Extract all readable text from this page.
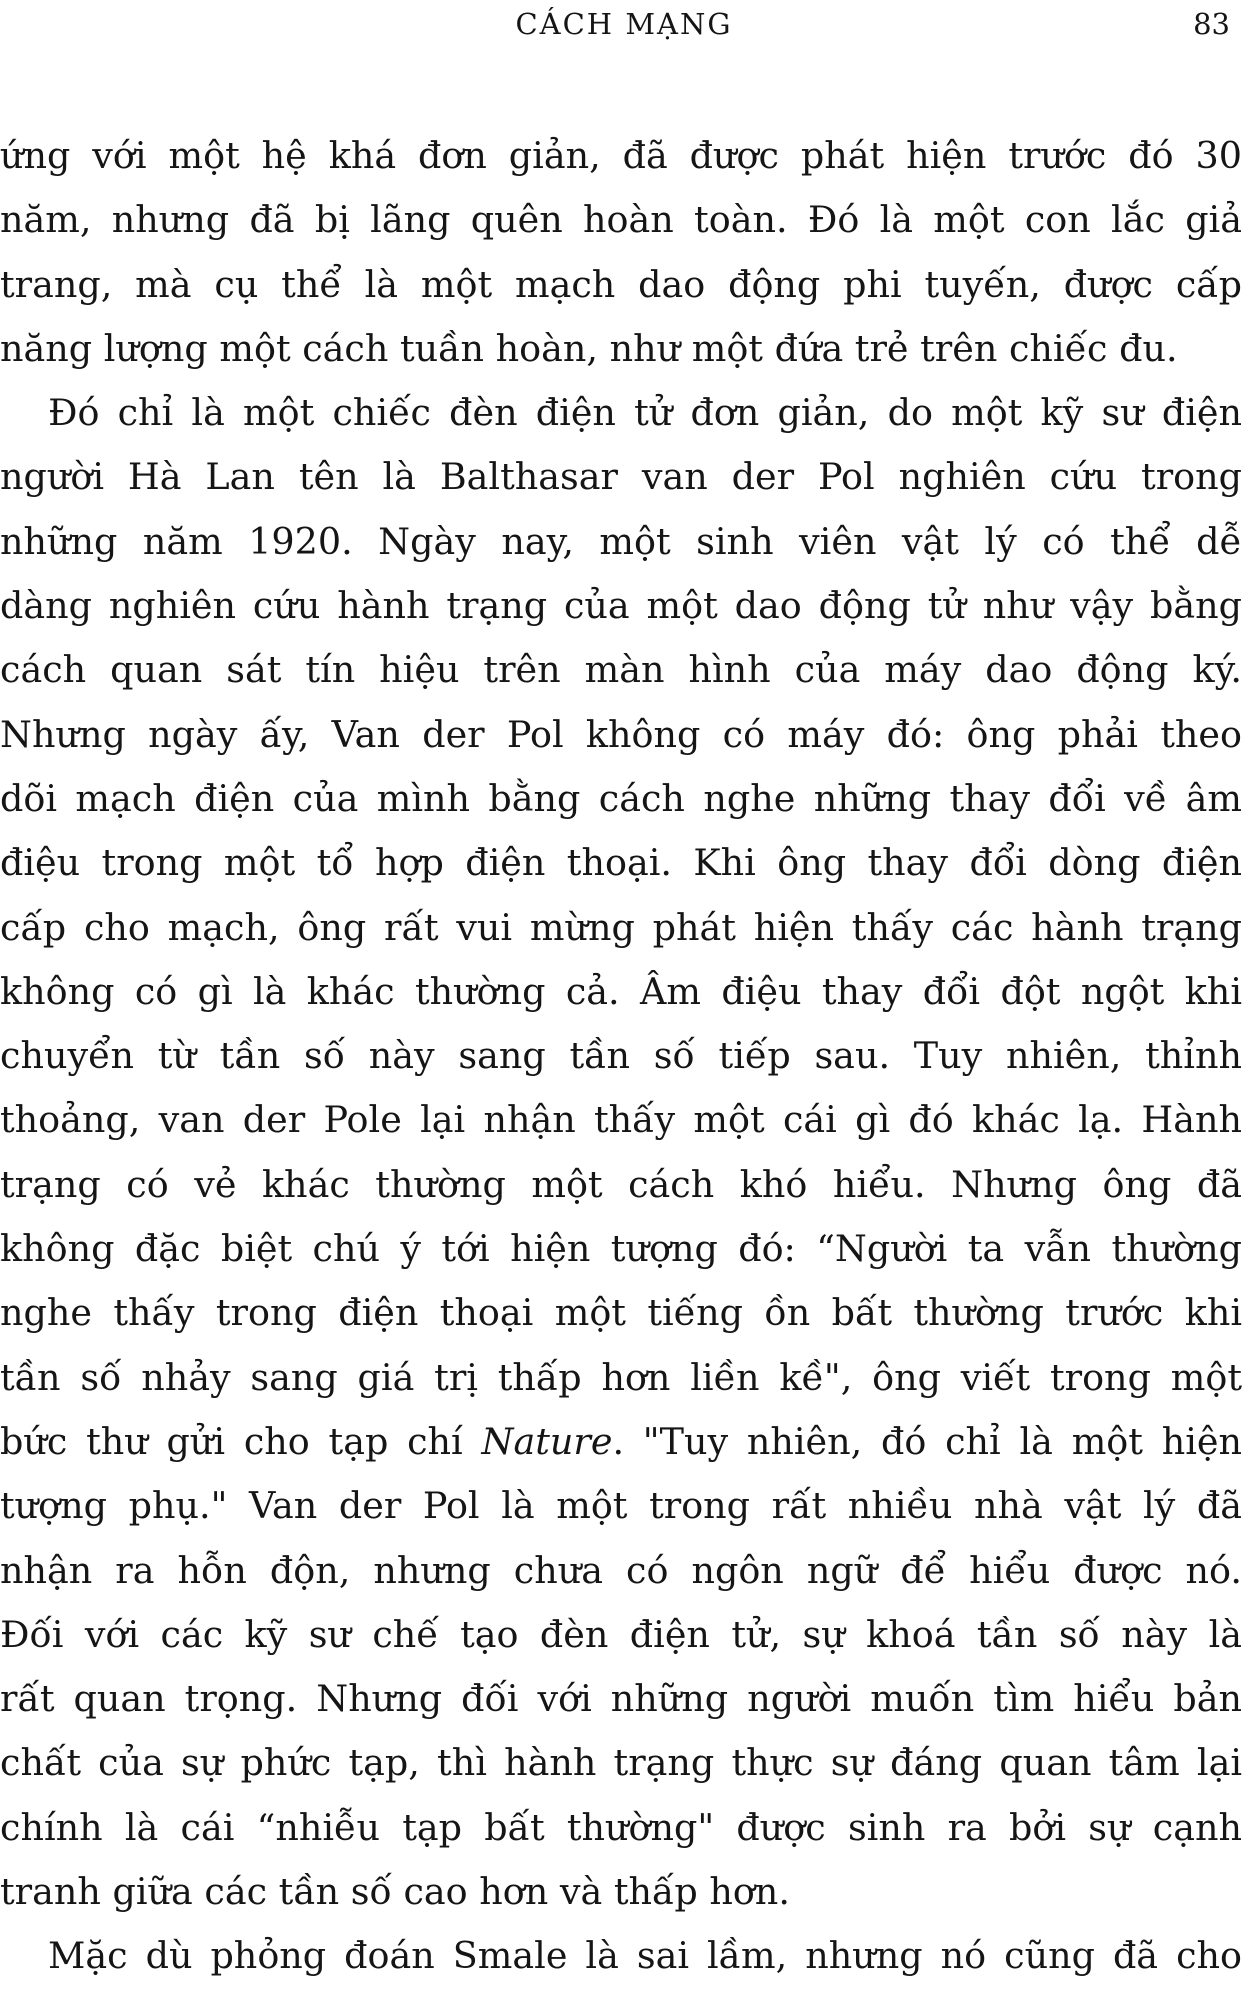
CÁCH MẠNG	83
ứng với một hệ khá đơn giản, đã được phát hiện trước đó 30
năm, nhưng đã bị lãng quên hoàn toàn. Đó là một con lắc giả
trang, mà cụ thể là một mạch dao động phi tuyến, được cấp
năng lượng một cách tuần hoàn, như một đứa trẻ trên chiếc đu.
Đó chỉ là một chiếc đèn điện tử đơn giản, do một kỹ sư điện
người Hà Lan tên là Balthasar van der Pol nghiên cứu trong
những năm 1920. Ngày nay, một sinh viên vật lý có thể dễ
dàng nghiên cứu hành trạng của một dao động tử như vậy bằng
cách quan sát tín hiệu trên màn hình của máy dao động ký.
Nhưng ngày ấy, Van der Pol không có máy đó: ông phải theo
dõi mạch điện của mình bằng cách nghe những thay đổi về âm
điệu trong một tổ hợp điện thoại. Khi ông thay đổi dòng điện
cấp cho mạch, ông rất vui mừng phát hiện thấy các hành trạng
không có gì là khác thường cả. Âm điệu thay đổi đột ngột khi
chuyển từ tần số này sang tần số tiếp sau. Tuy nhiên, thỉnh
thoảng, van der Pole lại nhận thấy một cái gì đó khác lạ. Hành
trạng có vẻ khác thường một cách khó hiểu. Nhưng ông đã
không đặc biệt chú ý tới hiện tượng đó: “Người ta vẫn thường
nghe thấy trong điện thoại một tiếng ồn bất thường trước khi
tần số nhảy sang giá trị thấp hơn liền kề", ông viết trong một
bức thư gửi cho tạp chí Nature. "Tuy nhiên, đó chỉ là một hiện
tượng phụ." Van der Pol là một trong rất nhiều nhà vật lý đã
nhận ra hỗn độn, nhưng chưa có ngôn ngữ để hiểu được nó.
Đối với các kỹ sư chế tạo đèn điện tử, sự khoá tần số này là
rất quan trọng. Nhưng đối với những người muốn tìm hiểu bản
chất của sự phức tạp, thì hành trạng thực sự đáng quan tâm lại
chính là cái “nhiễu tạp bất thường" được sinh ra bởi sự cạnh
tranh giữa các tần số cao hơn và thấp hơn.
Mặc dù phỏng đoán Smale là sai lầm, nhưng nó cũng đã cho
